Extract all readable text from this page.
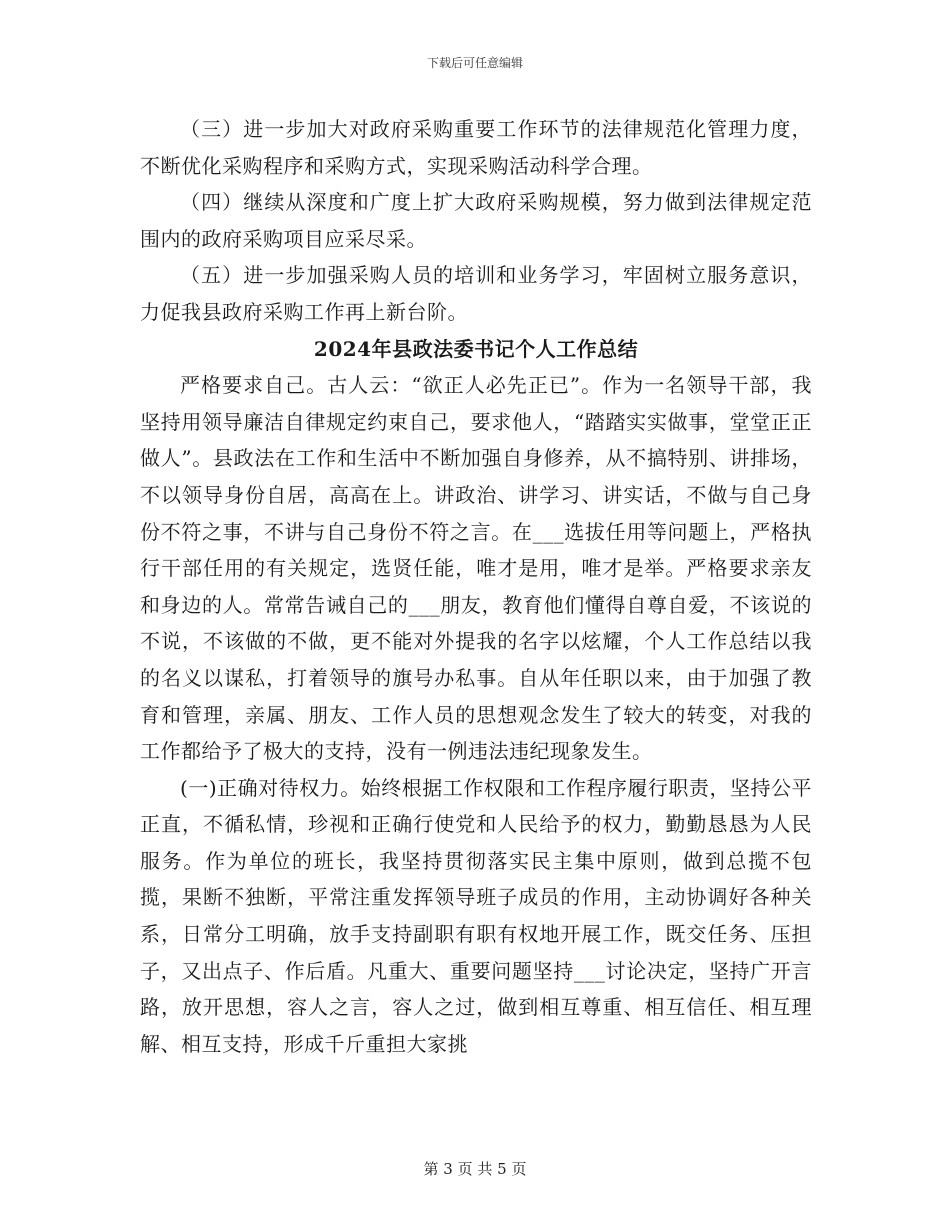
下载后可任意编辑

（三）进一步加大对政府采购重要工作环节的法律规范化管理力度，不断优化采购程序和采购方式，实现采购活动科学合理。

（四）继续从深度和广度上扩大政府采购规模，努力做到法律规定范围内的政府采购项目应采尽采。

（五）进一步加强采购人员的培训和业务学习，牢固树立服务意识，力促我县政府采购工作再上新台阶。

2024年县政法委书记个人工作总结

严格要求自己。古人云：“欲正人必先正已”。作为一名领导干部，我坚持用领导廉洁自律规定约束自己，要求他人，“踏踏实实做事，堂堂正正做人”。县政法在工作和生活中不断加强自身修养，从不搞特别、讲排场，不以领导身份自居，高高在上。讲政治、讲学习、讲实话，不做与自己身份不符之事，不讲与自己身份不符之言。在___选拔任用等问题上，严格执行干部任用的有关规定，选贤任能，唯才是用，唯才是举。严格要求亲友和身边的人。常常告诫自己的___朋友，教育他们懂得自尊自爱，不该说的不说，不该做的不做，更不能对外提我的名字以炫耀，个人工作总结以我的名义以谋私，打着领导的旗号办私事。自从年任职以来，由于加强了教育和管理，亲属、朋友、工作人员的思想观念发生了较大的转变，对我的工作都给予了极大的支持，没有一例违法违纪现象发生。

(一)正确对待权力。始终根据工作权限和工作程序履行职责，坚持公平正直，不循私情，珍视和正确行使党和人民给予的权力，勤勤恳恳为人民服务。作为单位的班长，我坚持贯彻落实民主集中原则，做到总揽不包揽，果断不独断，平常注重发挥领导班子成员的作用，主动协调好各种关系，日常分工明确，放手支持副职有职有权地开展工作，既交任务、压担子，又出点子、作后盾。凡重大、重要问题坚持___讨论决定，坚持广开言路，放开思想，容人之言，容人之过，做到相互尊重、相互信任、相互理解、相互支持，形成千斤重担大家挑

第 3 页 共 5 页
